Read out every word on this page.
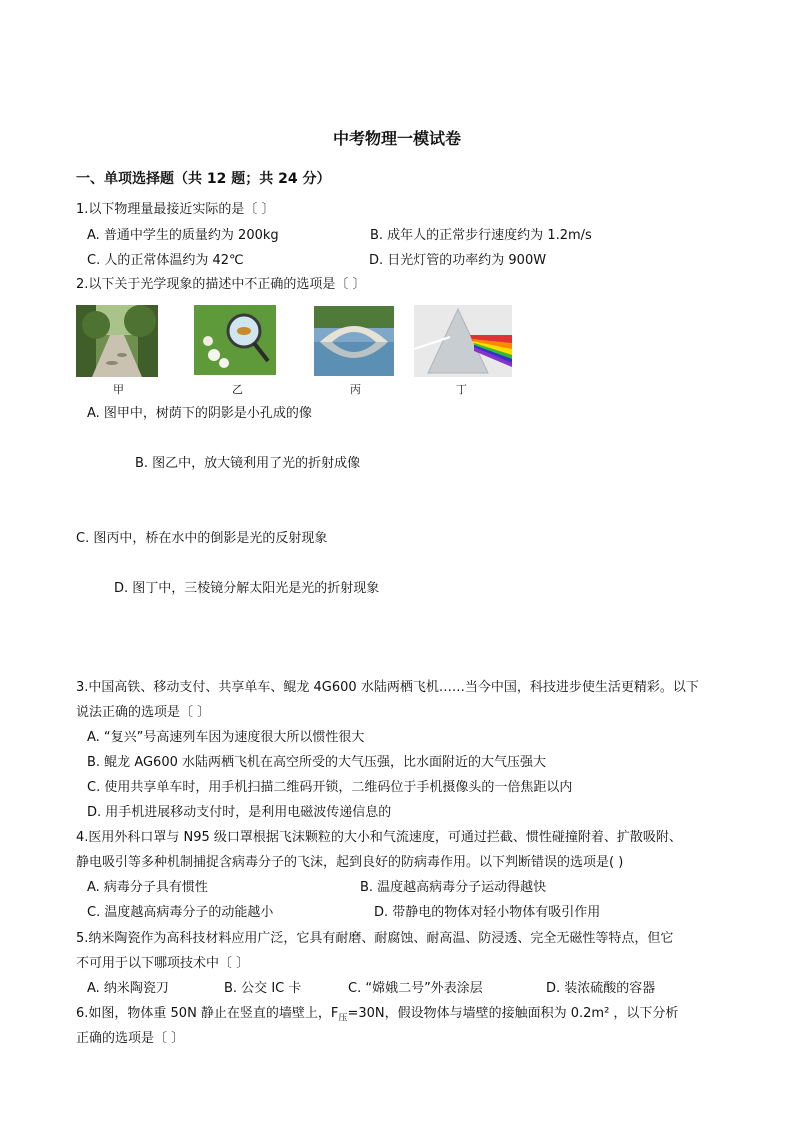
中考物理一模试卷
一、单项选择题（共 12 题；共 24 分）
1.以下物理量最接近实际的是〔 〕
A. 普通中学生的质量约为 200kg	B. 成年人的正常步行速度约为 1.2m/s
C. 人的正常体温约为 42℃	D. 日光灯管的功率约为 900W
2.以下关于光学现象的描述中不正确的选项是〔 〕
甲	乙	丙	丁
A. 图甲中，树荫下的阴影是小孔成的像
B. 图乙中，放大镜利用了光的折射成像
C. 图丙中，桥在水中的倒影是光的反射现象
D. 图丁中，三棱镜分解太阳光是光的折射现象
3.中国高铁、移动支付、共享单车、鲲龙 4G600 水陆两栖飞机……当今中国，科技进步使生活更精彩。以下
说法正确的选项是〔 〕
A. “复兴”号高速列车因为速度很大所以惯性很大
B. 鲲龙 AG600 水陆两栖飞机在高空所受的大气压强，比水面附近的大气压强大
C. 使用共享单车时，用手机扫描二维码开锁，二维码位于手机摄像头的一倍焦距以内
D. 用手机进展移动支付时，是利用电磁波传递信息的
4.医用外科口罩与 N95 级口罩根据飞沫颗粒的大小和气流速度，可通过拦截、惯性碰撞附着、扩散吸附、
静电吸引等多种机制捕捉含病毒分子的飞沫，起到良好的防病毒作用。以下判断错误的选项是( )
A. 病毒分子具有惯性	B. 温度越高病毒分子运动得越快
C. 温度越高病毒分子的动能越小	D. 带静电的物体对轻小物体有吸引作用
5.纳米陶瓷作为高科技材料应用广泛，它具有耐磨、耐腐蚀、耐高温、防浸透、完全无磁性等特点，但它
不可用于以下哪项技术中〔 〕
A. 纳米陶瓷刀	B. 公交 IC 卡	C. “嫦娥二号”外表涂层	D. 装浓硫酸的容器
6.如图，物体重 50N 静止在竖直的墙壁上，$F_压=30N$，假设物体与墙壁的接触面积为 0.2m² ，以下分析
正确的选项是〔 〕
